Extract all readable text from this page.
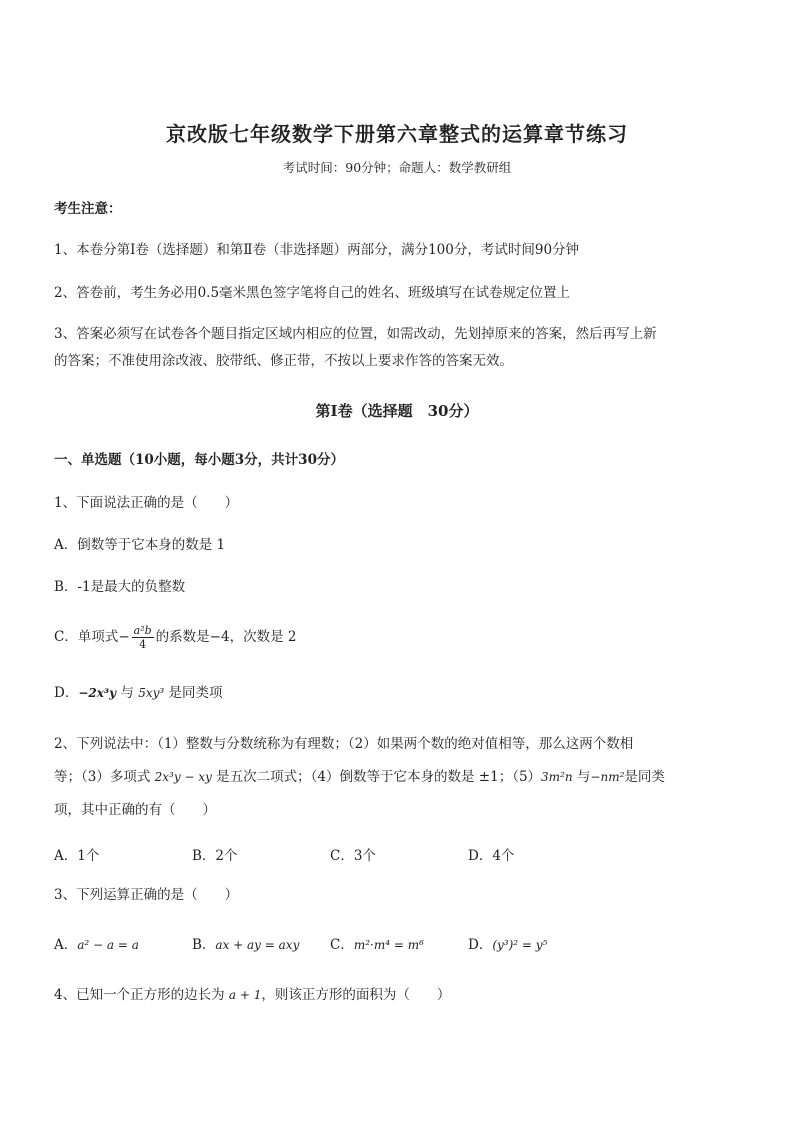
京改版七年级数学下册第六章整式的运算章节练习
考试时间：90分钟；命题人：数学教研组
考生注意：
1、本卷分第Ⅰ卷（选择题）和第Ⅱ卷（非选择题）两部分，满分100分，考试时间90分钟
2、答卷前，考生务必用0.5毫米黑色签字笔将自己的姓名、班级填写在试卷规定位置上
3、答案必须写在试卷各个题目指定区域内相应的位置，如需改动，先划掉原来的答案，然后再写上新
的答案；不准使用涂改液、胶带纸、修正带，不按以上要求作答的答案无效。
第Ⅰ卷（选择题　30分）
一、单选题（10小题，每小题3分，共计30分）
1、下面说法正确的是（　　）
A．倒数等于它本身的数是 1
B．-1是最大的负整数
C．单项式− $\frac{\text{a²b}}{4}$ 的系数是−4，次数是 2
D．−2x³y 与 5xy³ 是同类项
2、下列说法中：（1）整数与分数统称为有理数；（2）如果两个数的绝对值相等，那么这两个数相
等；（3）多项式 2x³y − xy 是五次二项式；（4）倒数等于它本身的数是 ±1；（5）3m²n 与−nm²是同类
项，其中正确的有（　　）
A．1个	B．2个	C．3个	D．4个
3、下列运算正确的是（　　）
A．a² − a = a	B．ax + ay = axy C．m²·m⁴ = m⁶	D．(y³)² = y⁵
4、已知一个正方形的边长为 a + 1，则该正方形的面积为（　　）
